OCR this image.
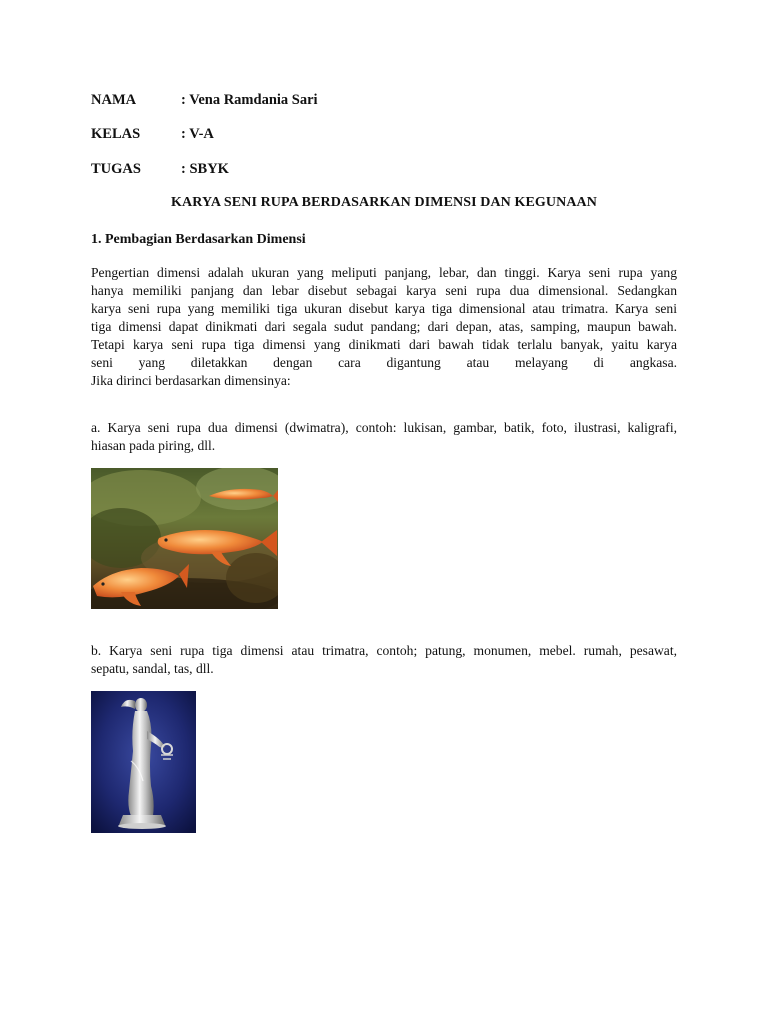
NAMA	: Vena Ramdania Sari
KELAS	: V-A
TUGAS	: SBYK
KARYA SENI RUPA BERDASARKAN DIMENSI DAN KEGUNAAN
1. Pembagian Berdasarkan Dimensi
Pengertian dimensi adalah ukuran yang meliputi panjang, lebar, dan tinggi. Karya seni rupa yang
hanya memiliki panjang dan lebar disebut sebagai karya seni rupa dua dimensional. Sedangkan
karya seni rupa yang memiliki tiga ukuran disebut karya tiga dimensional atau trimatra. Karya seni
tiga dimensi dapat dinikmati dari segala sudut pandang; dari depan, atas, samping, maupun bawah.
Tetapi karya seni rupa tiga dimensi yang dinikmati dari bawah tidak terlalu banyak, yaitu karya
seni yang diletakkan dengan cara digantung atau melayang di angkasa.
Jika dirinci berdasarkan dimensinya:
a. Karya seni rupa dua dimensi (dwimatra), contoh: lukisan, gambar, batik, foto, ilustrasi, kaligrafi,
hiasan pada piring, dll.
b. Karya seni rupa tiga dimensi atau trimatra, contoh; patung, monumen, mebel. rumah, pesawat,
sepatu, sandal, tas, dll.
